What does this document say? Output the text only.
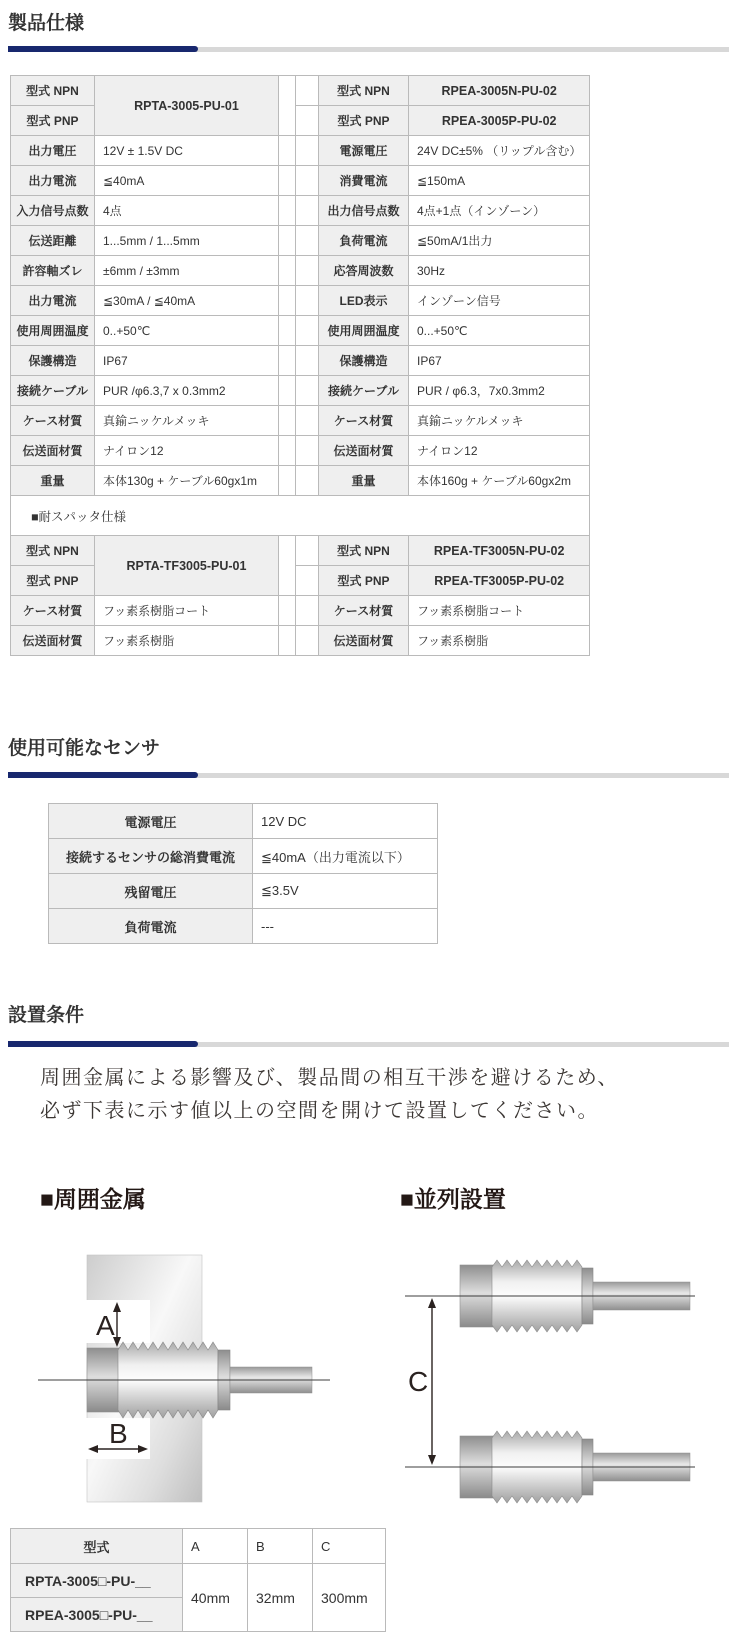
製品仕様
型式 NPN	RPTA-3005-PU-01			型式 NPN	RPEA-3005N-PU-02
型式 PNP				型式 PNP	RPEA-3005P-PU-02
出力電圧	12V ± 1.5V DC			電源電圧	24V DC±5% （リップル含む）
出力電流	≦40mA			消費電流	≦150mA
入力信号点数	4点			出力信号点数	4点+1点（インゾーン）
伝送距離	1...5mm / 1...5mm			負荷電流	≦50mA/1出力
許容軸ズレ	±6mm / ±3mm			応答周波数	30Hz
出力電流	≦30mA / ≦40mA			LED表示	インゾーン信号
使用周囲温度	0..+50℃			使用周囲温度	0...+50℃
保護構造	IP67			保護構造	IP67
接続ケーブル	PUR /φ6.3,7 x 0.3mm2			接続ケーブル	PUR / φ6.3，7x0.3mm2
ケース材質	真鍮ニッケルメッキ			ケース材質	真鍮ニッケルメッキ
伝送面材質	ナイロン12			伝送面材質	ナイロン12
重量	本体130g + ケーブル60gx1m			重量	本体160g + ケーブル60gx2m
■耐スパッタ仕様					
型式 NPN	RPTA-TF3005-PU-01			型式 NPN	RPEA-TF3005N-PU-02
型式 PNP				型式 PNP	RPEA-TF3005P-PU-02
ケース材質	フッ素系樹脂コート			ケース材質	フッ素系樹脂コート
伝送面材質	フッ素系樹脂			伝送面材質	フッ素系樹脂
使用可能なセンサ
電源電圧	12V DC
接続するセンサの総消費電流	≦40mA（出力電流以下）
残留電圧	≦3.5V
負荷電流	---
設置条件
周囲金属による影響及び、製品間の相互干渉を避けるため、
必ず下表に示す値以上の空間を開けて設置してください。
■周囲金属	■並列設置
A
B
C
型式	A	B	C
RPTA-3005□-PU-__	40mm	32mm	300mm
RPEA-3005□-PU-__			
